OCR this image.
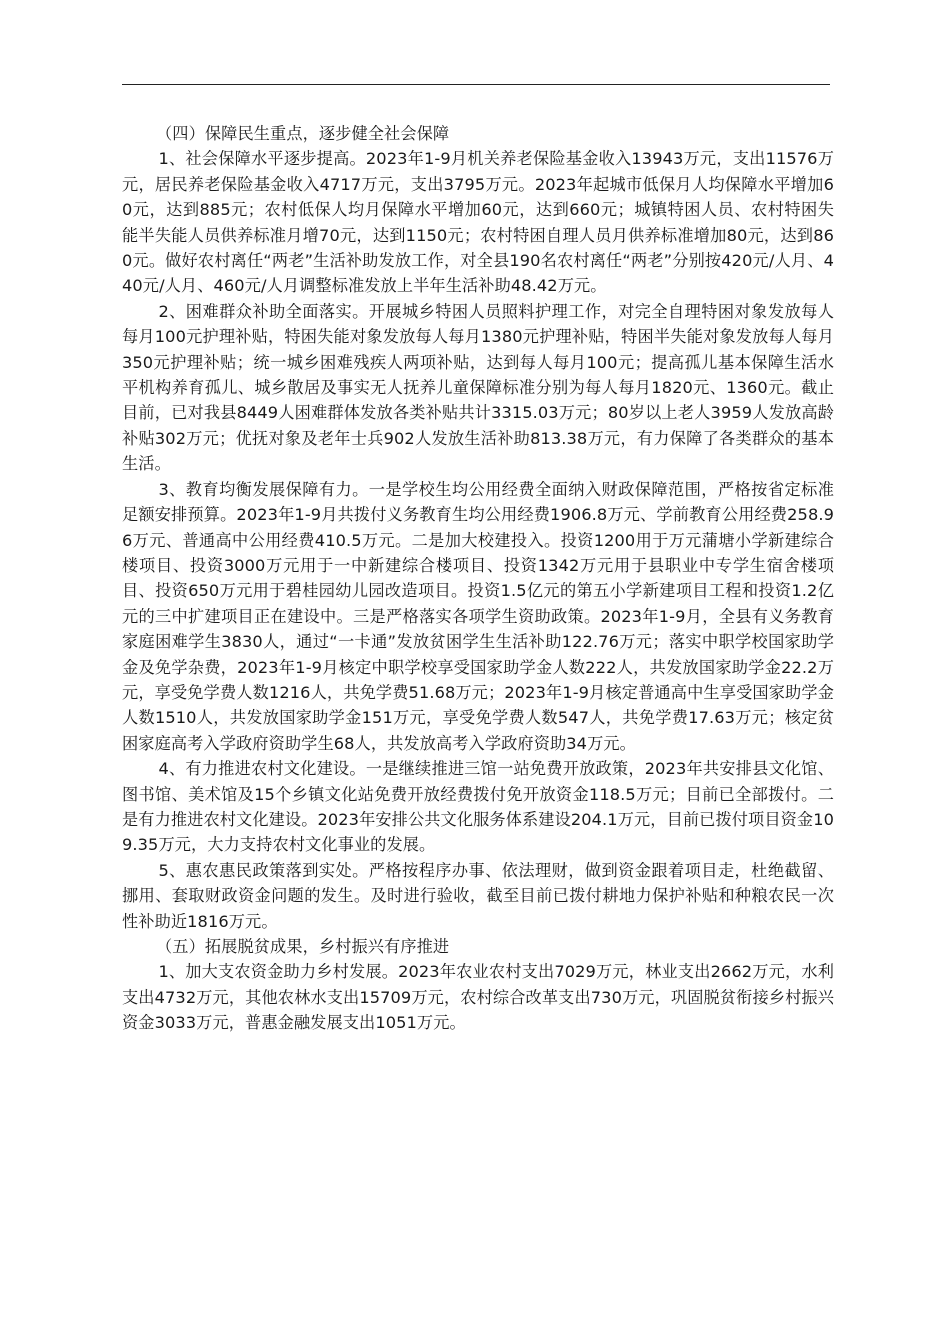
（四）保障民生重点，逐步健全社会保障

1、社会保障水平逐步提高。2023年1-9月机关养老保险基金收入13943万元，支出11576万元，居民养老保险基金收入4717万元，支出3795万元。2023年起城市低保月人均保障水平增加60元，达到885元；农村低保人均月保障水平增加60元，达到660元；城镇特困人员、农村特困失能半失能人员供养标准月增70元，达到1150元；农村特困自理人员月供养标准增加80元，达到860元。做好农村离任“两老”生活补助发放工作，对全县190名农村离任“两老”分别按420元/人月、440元/人月、460元/人月调整标准发放上半年生活补助48.42万元。

2、困难群众补助全面落实。开展城乡特困人员照料护理工作，对完全自理特困对象发放每人每月100元护理补贴，特困失能对象发放每人每月1380元护理补贴，特困半失能对象发放每人每月350元护理补贴；统一城乡困难残疾人两项补贴，达到每人每月100元；提高孤儿基本保障生活水平机构养育孤儿、城乡散居及事实无人抚养儿童保障标准分别为每人每月1820元、1360元。截止目前，已对我县8449人困难群体发放各类补贴共计3315.03万元；80岁以上老人3959人发放高龄补贴302万元；优抚对象及老年士兵902人发放生活补助813.38万元，有力保障了各类群众的基本生活。

3、教育均衡发展保障有力。一是学校生均公用经费全面纳入财政保障范围，严格按省定标准足额安排预算。2023年1-9月共拨付义务教育生均公用经费1906.8万元、学前教育公用经费258.96万元、普通高中公用经费410.5万元。二是加大校建投入。投资1200用于万元蒲塘小学新建综合楼项目、投资3000万元用于一中新建综合楼项目、投资1342万元用于县职业中专学生宿舍楼项目、投资650万元用于碧桂园幼儿园改造项目。投资1.5亿元的第五小学新建项目工程和投资1.2亿元的三中扩建项目正在建设中。三是严格落实各项学生资助政策。2023年1-9月，全县有义务教育家庭困难学生3830人，通过“一卡通”发放贫困学生生活补助122.76万元；落实中职学校国家助学金及免学杂费，2023年1-9月核定中职学校享受国家助学金人数222人，共发放国家助学金22.2万元，享受免学费人数1216人，共免学费51.68万元；2023年1-9月核定普通高中生享受国家助学金人数1510人，共发放国家助学金151万元，享受免学费人数547人，共免学费17.63万元；核定贫困家庭高考入学政府资助学生68人，共发放高考入学政府资助34万元。

4、有力推进农村文化建设。一是继续推进三馆一站免费开放政策，2023年共安排县文化馆、图书馆、美术馆及15个乡镇文化站免费开放经费拨付免开放资金118.5万元；目前已全部拨付。二是有力推进农村文化建设。2023年安排公共文化服务体系建设204.1万元，目前已拨付项目资金109.35万元，大力支持农村文化事业的发展。

5、惠农惠民政策落到实处。严格按程序办事、依法理财，做到资金跟着项目走，杜绝截留、挪用、套取财政资金问题的发生。及时进行验收，截至目前已拨付耕地力保护补贴和种粮农民一次性补助近1816万元。

（五）拓展脱贫成果，乡村振兴有序推进

1、加大支农资金助力乡村发展。2023年农业农村支出7029万元，林业支出2662万元，水利支出4732万元，其他农林水支出15709万元，农村综合改革支出730万元，巩固脱贫衔接乡村振兴资金3033万元，普惠金融发展支出1051万元。
